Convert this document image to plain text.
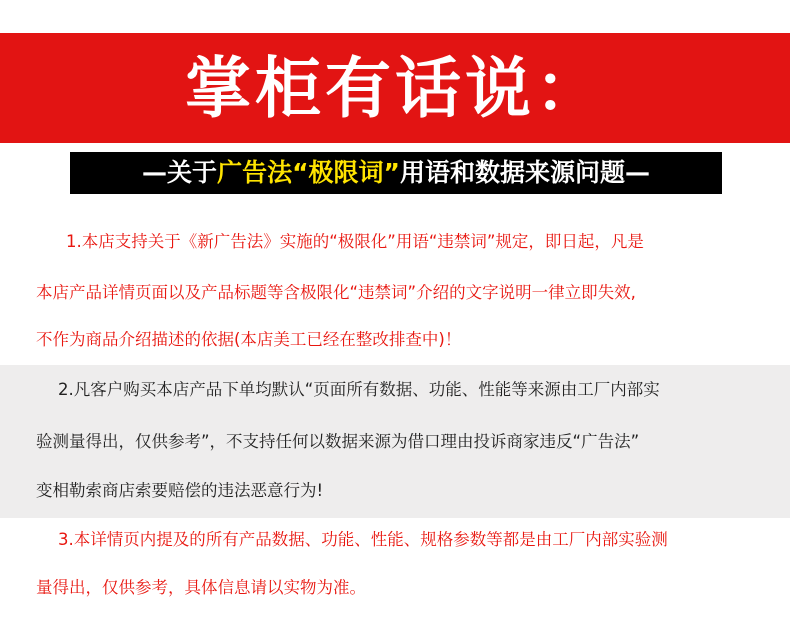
掌柜有话说：
—关于广告法“极限词”用语和数据来源问题—
1.本店支持关于《新广告法》实施的“极限化”用语“违禁词”规定，即日起，凡是
本店产品详情页面以及产品标题等含极限化“违禁词”介绍的文字说明一律立即失效,
不作为商品介绍描述的依据(本店美工已经在整改排查中)！
2.凡客户购买本店产品下单均默认“页面所有数据、功能、性能等来源由工厂内部实
验测量得出，仅供参考”，不支持任何以数据来源为借口理由投诉商家违反“广告法”
变相勒索商店索要赔偿的违法恶意行为!
3.本详情页内提及的所有产品数据、功能、性能、规格参数等都是由工厂内部实验测
量得出，仅供参考，具体信息请以实物为准。
